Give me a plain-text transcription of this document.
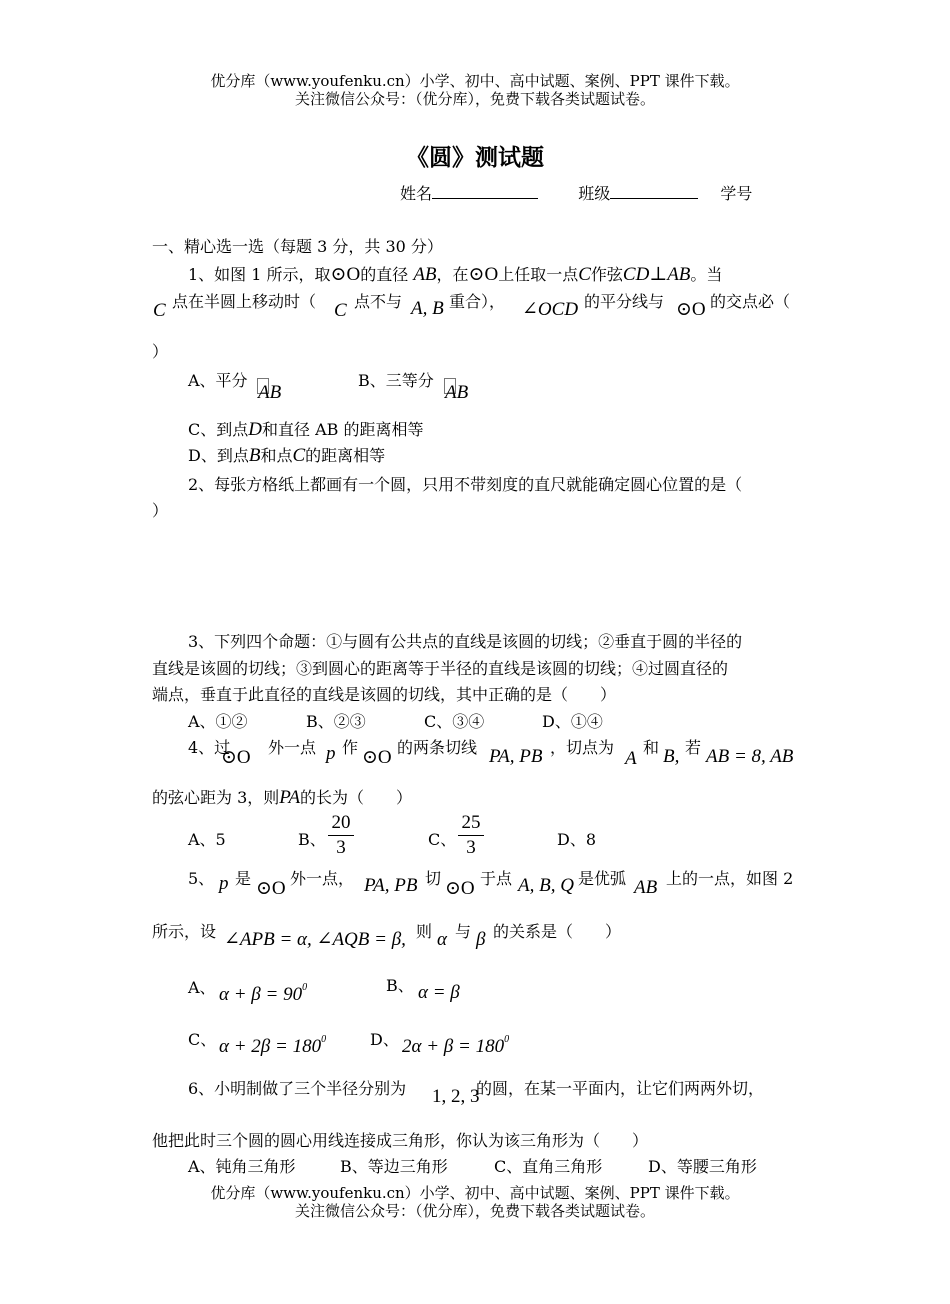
优分库（www.youfenku.cn）小学、初中、高中试题、案例、PPT 课件下载。
关注微信公众号：（优分库），免费下载各类试题试卷。
《圆》测试题
姓名	班级	学号
一、精心选一选（每题 3 分，共 30 分）
1、如图 1 所示，取⊙O的直径 AB，在⊙O上任取一点C作弦CD⊥AB。当
C 点在半圆上移动时（ C 点不与 A, B 重合）， ∠OCD 的平分线与 ⊙O 的交点必（
）
A、平分
AB
B、三等分
AB
C、到点D和直径 AB 的距离相等
D、到点B和点C的距离相等
2、每张方格纸上都画有一个圆，只用不带刻度的直尺就能确定圆心位置的是（
）
3、下列四个命题：①与圆有公共点的直线是该圆的切线；②垂直于圆的半径的
直线是该圆的切线；③到圆心的距离等于半径的直线是该圆的切线；④过圆直径的
端点，垂直于此直径的直线是该圆的切线，其中正确的是（　　）
A、①②	B、②③	C、③④	D、①④
4、过
⊙O 外一点 p 作 ⊙O 的两条切线 PA, PB ，切点为
A
和 B, 若 AB = 8, AB
的弦心距为 3，则PA的长为（　　）
A、5	B、
20
3	C、
25
3	D、8
5、 p 是 ⊙O 外一点， PA, PB 切 ⊙O 于点 A, B, Q 是优弧 AB 上的一点，如图 2
所示，设 ∠APB = α, ∠AQB = β, 则 α 与 β 的关系是（　　）
A、 $\alpha + \beta = 90^0$	B、 α = β
C、 $\alpha + 2\beta = 180^0$	D、 $2\alpha + \beta = 180^0$
6、小明制做了三个半径分别为 1, 2, 3
的圆，在某一平面内，让它们两两外切，
他把此时三个圆的圆心用线连接成三角形，你认为该三角形为（　　）
A、钝角三角形	B、等边三角形	C、直角三角形	D、等腰三角形
优分库（www.youfenku.cn）小学、初中、高中试题、案例、PPT 课件下载。
关注微信公众号：（优分库），免费下载各类试题试卷。
